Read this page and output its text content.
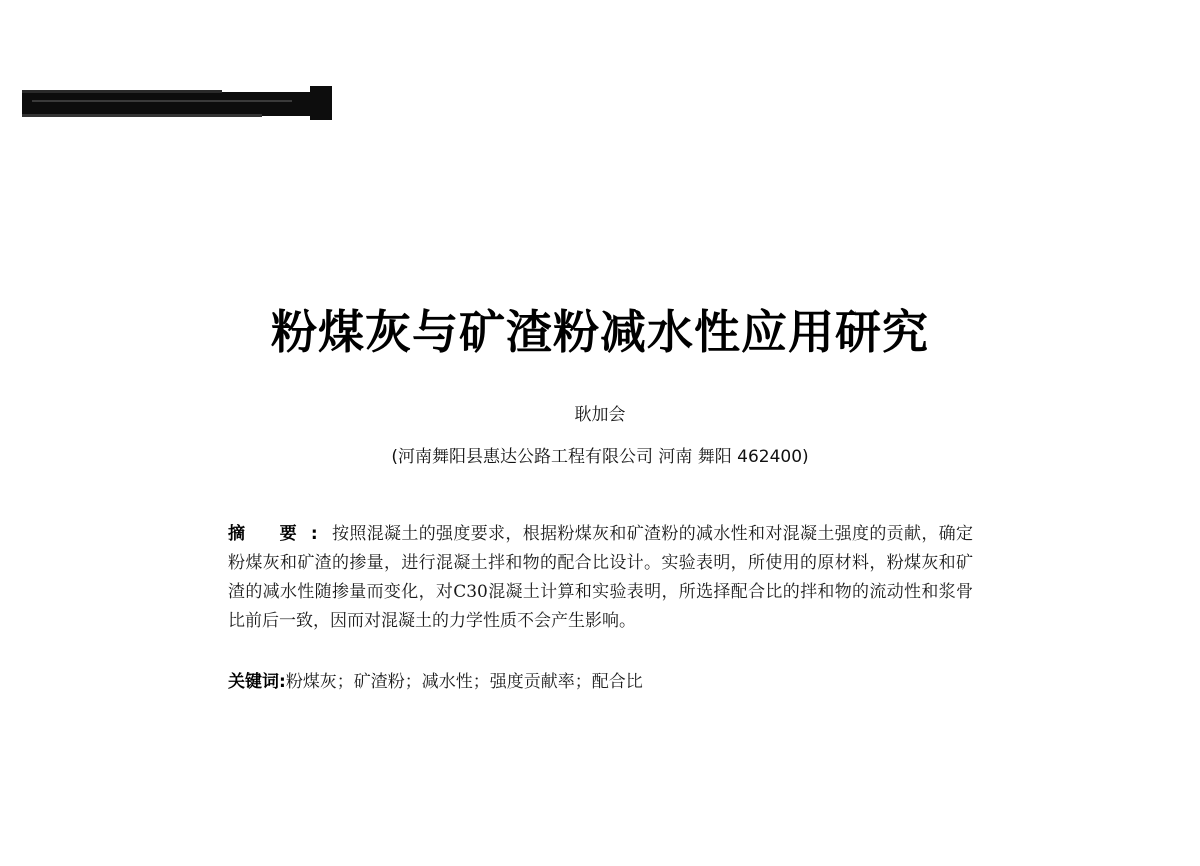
粉煤灰与矿渣粉减水性应用研究
耿加会
(河南舞阳县惠达公路工程有限公司 河南 舞阳 462400)
摘 要:按照混凝土的强度要求，根据粉煤灰和矿渣粉的减水性和对混凝土强度的贡献，确定粉煤灰和矿渣的掺量，进行混凝土拌和物的配合比设计。实验表明，所使用的原材料，粉煤灰和矿渣的减水性随掺量而变化，对C30混凝土计算和实验表明，所选择配合比的拌和物的流动性和浆骨比前后一致，因而对混凝土的力学性质不会产生影响。
关键词:粉煤灰；矿渣粉；减水性；强度贡献率；配合比
